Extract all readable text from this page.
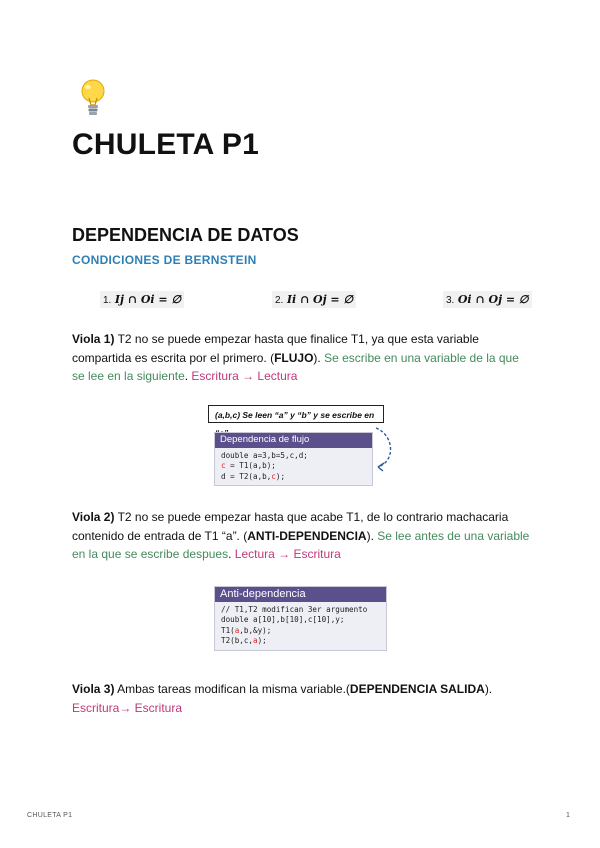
CHULETA P1
DEPENDENCIA DE DATOS
CONDICIONES DE BERNSTEIN
1. Ij ∩ Oi = ∅	2. Ii ∩ Oj = ∅	3. Oi ∩ Oj = ∅

Viola 1) T2 no se puede empezar hasta que finalice T1, ya que esta variable compartida es escrita por el primero. (FLUJO). Se escribe en una variable de la que se lee en la siguiente. Escritura → Lectura

(a,b,c) Se leen “a” y “b” y se escribe en
Dependencia de flujo
double a=3,b=5,c,d;
c = T1(a,b);
d = T2(a,b,c);

Viola 2) T2 no se puede empezar hasta que acabe T1, de lo contrario machacaria contenido de entrada de T1 “a”. (ANTI-DEPENDENCIA). Se lee antes de una variable en la que se escribe despues. Lectura → Escritura

Anti-dependencia
// T1,T2 modifican 3er argumento
double a[10],b[10],c[10],y;
T1(a,b,&y);
T2(b,c,a);

Viola 3) Ambas tareas modifican la misma variable.(DEPENDENCIA SALIDA).
Escritura→ Escritura

CHULETA P1	1
